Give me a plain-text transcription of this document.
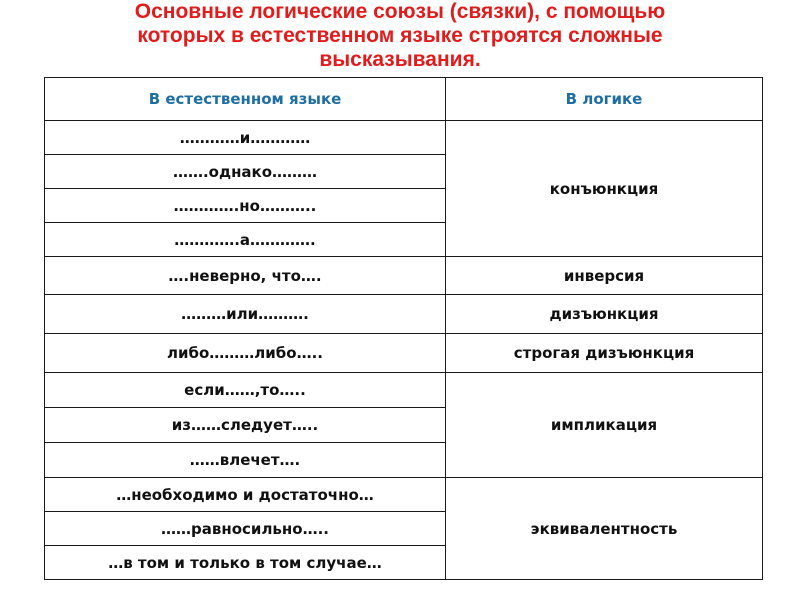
Основные логические союзы (связки), с помощью
которых в естественном языке строятся сложные
высказывания.
В естественном языке	В логике
…………и…………	конъюнкция
…….однако………	
………….но………..	
………….а………….	
….неверно, что….	инверсия
………или……….	дизъюнкция
либо………либо…..	строгая дизъюнкция
если……,то…..	импликация
из……следует…..	
……влечет….	
…необходимо и достаточно…	эквивалентность
……равносильно…..	
…в том и только в том случае…	
